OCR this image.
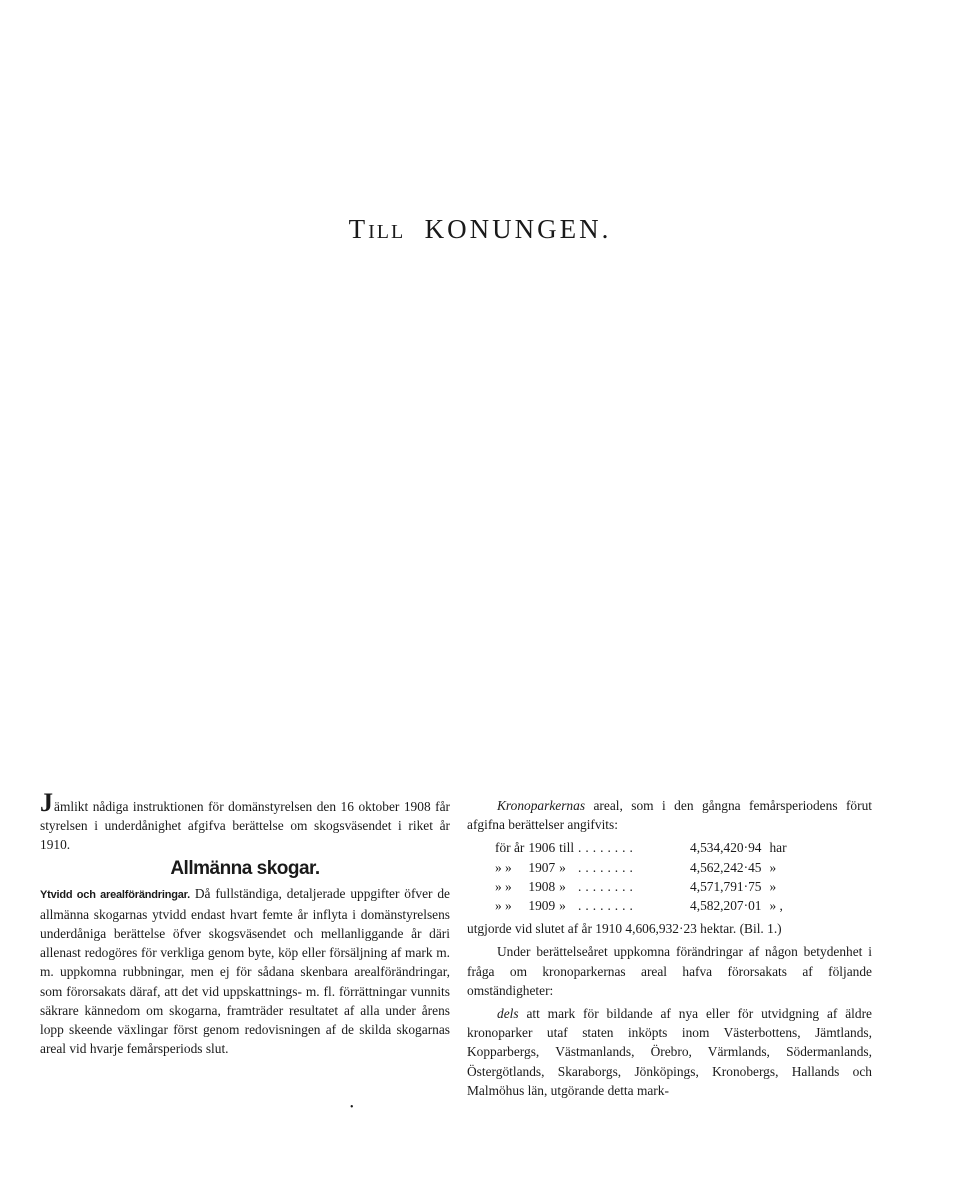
TILL KONUNGEN.

Jämlikt nådiga instruktionen för domänstyrelsen den 16 oktober 1908 får styrelsen i underdånighet afgifva berättelse om skogsväsendet i riket år 1910.

Allmänna skogar.

Ytvidd och arealförändringar. Då fullständiga, detaljerade uppgifter öfver de allmänna skogarnas ytvidd endast hvart femte år inflyta i domänstyrelsens underdåniga berättelse öfver skogsväsendet och mellanliggande år däri allenast redogöres för verkliga genom byte, köp eller försäljning af mark m. m. uppkomna rubbningar, men ej för sådana skenbara arealförändringar, som förorsakats däraf, att det vid uppskattnings- m. fl. förrättningar vunnits säkrare kännedom om skogarna, framträder resultatet af alla under årens lopp skeende växlingar först genom redovisningen af de skilda skogarnas areal vid hvarje femårsperiods slut.

Kronoparkernas areal, som i den gångna femårsperiodens förut afgifna berättelser angifvits:

för år	1906	till	........	4,534,420·94	har
» »	1907	»	........	4,562,242·45	»
» »	1908	»	........	4,571,791·75	»
» »	1909	»	........	4,582,207·01	» ,

utgjorde vid slutet af år 1910 4,606,932·23 hektar. (Bil. 1.)

Under berättelseåret uppkomna förändringar af någon betydenhet i fråga om kronoparkernas areal hafva förorsakats af följande omständigheter:

dels att mark för bildande af nya eller för utvidgning af äldre kronoparker utaf staten inköpts inom Västerbottens, Jämtlands, Kopparbergs, Västmanlands, Örebro, Värmlands, Södermanlands, Östergötlands, Skaraborgs, Jönköpings, Kronobergs, Hallands och Malmöhus län, utgörande detta mark-

•
